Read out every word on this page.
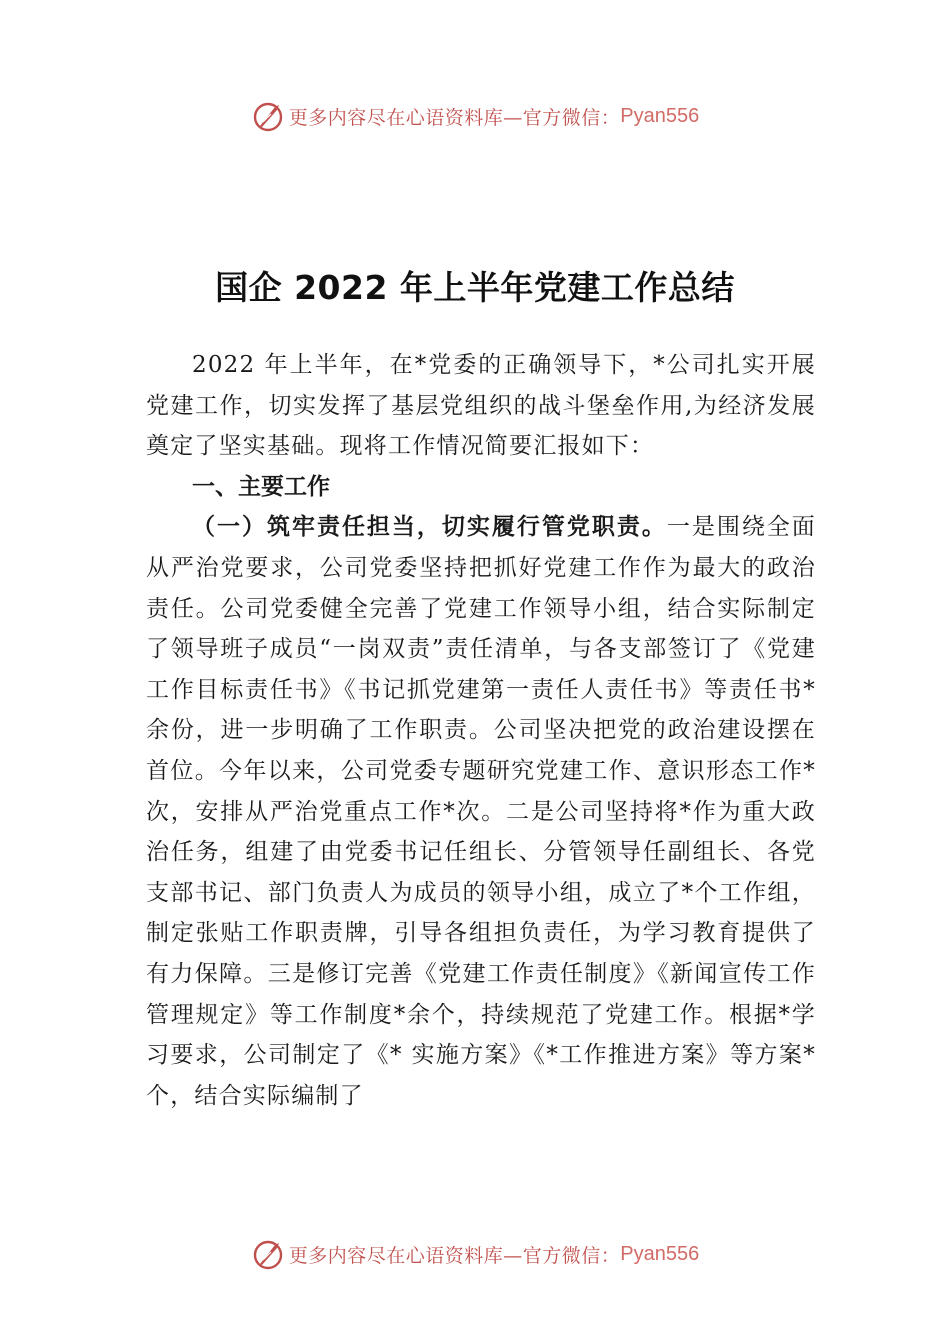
更多内容尽在心语资料库—官方微信： Pyan556
国企 2022 年上半年党建工作总结

2022 年上半年，在*党委的正确领导下，*公司扎实开展党建工作，切实发挥了基层党组织的战斗堡垒作用,为经济发展奠定了坚实基础。现将工作情况简要汇报如下：

一、主要工作

（一）筑牢责任担当，切实履行管党职责。一是围绕全面从严治党要求，公司党委坚持把抓好党建工作作为最大的政治责任。公司党委健全完善了党建工作领导小组，结合实际制定了领导班子成员“一岗双责”责任清单，与各支部签订了《党建工作目标责任书》《书记抓党建第一责任人责任书》等责任书*余份，进一步明确了工作职责。公司坚决把党的政治建设摆在首位。今年以来，公司党委专题研究党建工作、意识形态工作*次，安排从严治党重点工作*次。二是公司坚持将*作为重大政治任务，组建了由党委书记任组长、分管领导任副组长、各党支部书记、部门负责人为成员的领导小组，成立了*个工作组，制定张贴工作职责牌，引导各组担负责任，为学习教育提供了有力保障。三是修订完善《党建工作责任制度》《新闻宣传工作管理规定》等工作制度*余个，持续规范了党建工作。根据*学习要求，公司制定了《* 实施方案》《*工作推进方案》等方案*个，结合实际编制了

更多内容尽在心语资料库—官方微信： Pyan556
